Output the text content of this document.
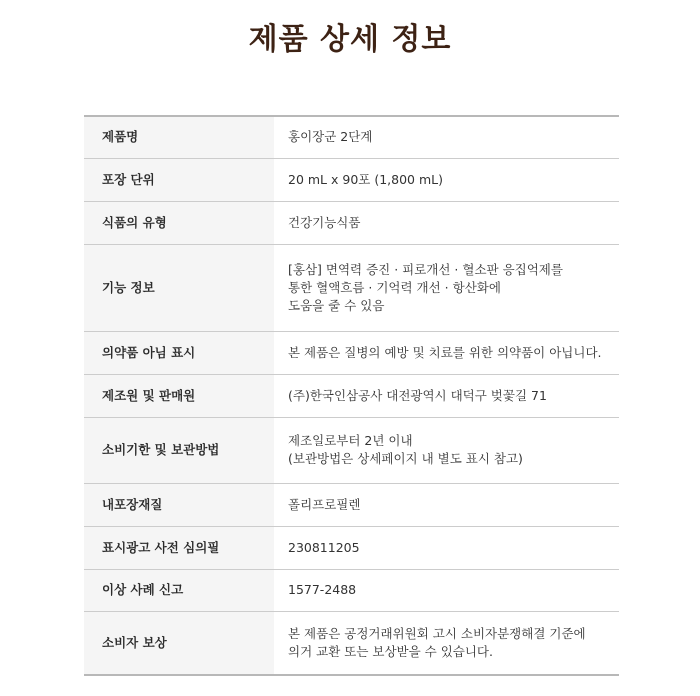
제품 상세 정보
제품명	홍이장군 2단계

포장 단위	20 mL x 90포 (1,800 mL)

식품의 유형	건강기능식품

기능 정보	[홍삼] 면역력 증진 · 피로개선 · 혈소판 응집억제를
통한 혈액흐름 · 기억력 개선 · 항산화에
도움을 줄 수 있음

의약품 아님 표시	본 제품은 질병의 예방 및 치료를 위한 의약품이 아닙니다.

제조원 및 판매원	(주)한국인삼공사 대전광역시 대덕구 벚꽃길 71

소비기한 및 보관방법	제조일로부터 2년 이내
(보관방법은 상세페이지 내 별도 표시 참고)

내포장재질	폴리프로필렌

표시광고 사전 심의필	230811205

이상 사례 신고	1577-2488

소비자 보상	본 제품은 공정거래위원회 고시 소비자분쟁해결 기준에
의거 교환 또는 보상받을 수 있습니다.
